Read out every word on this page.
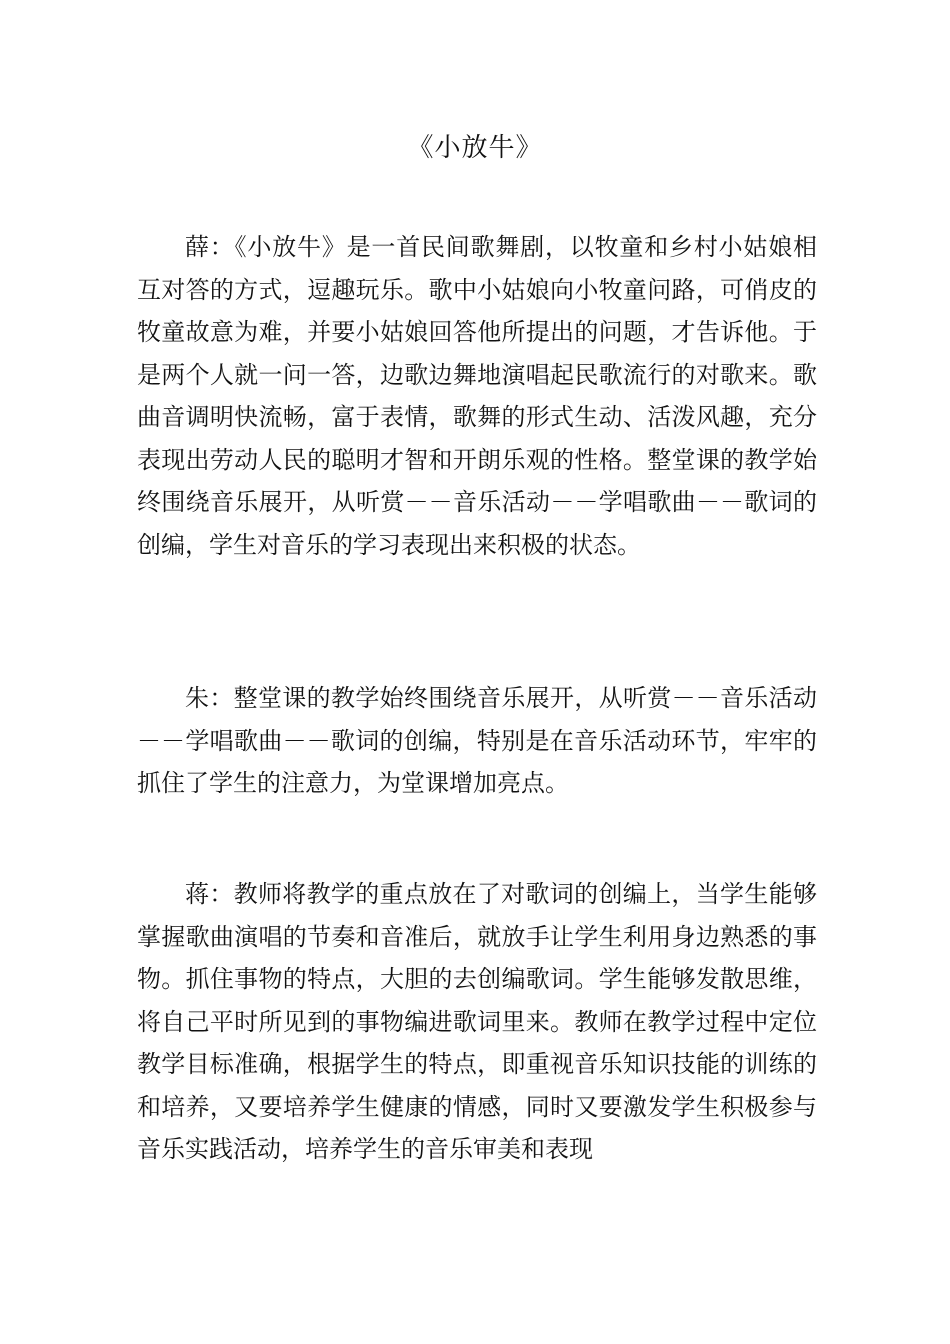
《小放牛》

薛：《小放牛》是一首民间歌舞剧，以牧童和乡村小姑娘相互对答的方式，逗趣玩乐。歌中小姑娘向小牧童问路，可俏皮的牧童故意为难，并要小姑娘回答他所提出的问题，才告诉他。于是两个人就一问一答，边歌边舞地演唱起民歌流行的对歌来。歌曲音调明快流畅，富于表情，歌舞的形式生动、活泼风趣，充分表现出劳动人民的聪明才智和开朗乐观的性格。整堂课的教学始终围绕音乐展开，从听赏－－音乐活动－－学唱歌曲－－歌词的创编，学生对音乐的学习表现出来积极的状态。

朱：整堂课的教学始终围绕音乐展开，从听赏－－音乐活动－－学唱歌曲－－歌词的创编，特别是在音乐活动环节，牢牢的抓住了学生的注意力，为堂课增加亮点。

蒋：教师将教学的重点放在了对歌词的创编上，当学生能够掌握歌曲演唱的节奏和音准后，就放手让学生利用身边熟悉的事物。抓住事物的特点，大胆的去创编歌词。学生能够发散思维，将自己平时所见到的事物编进歌词里来。教师在教学过程中定位教学目标准确，根据学生的特点，即重视音乐知识技能的训练的和培养，又要培养学生健康的情感，同时又要激发学生积极参与音乐实践活动，培养学生的音乐审美和表现
